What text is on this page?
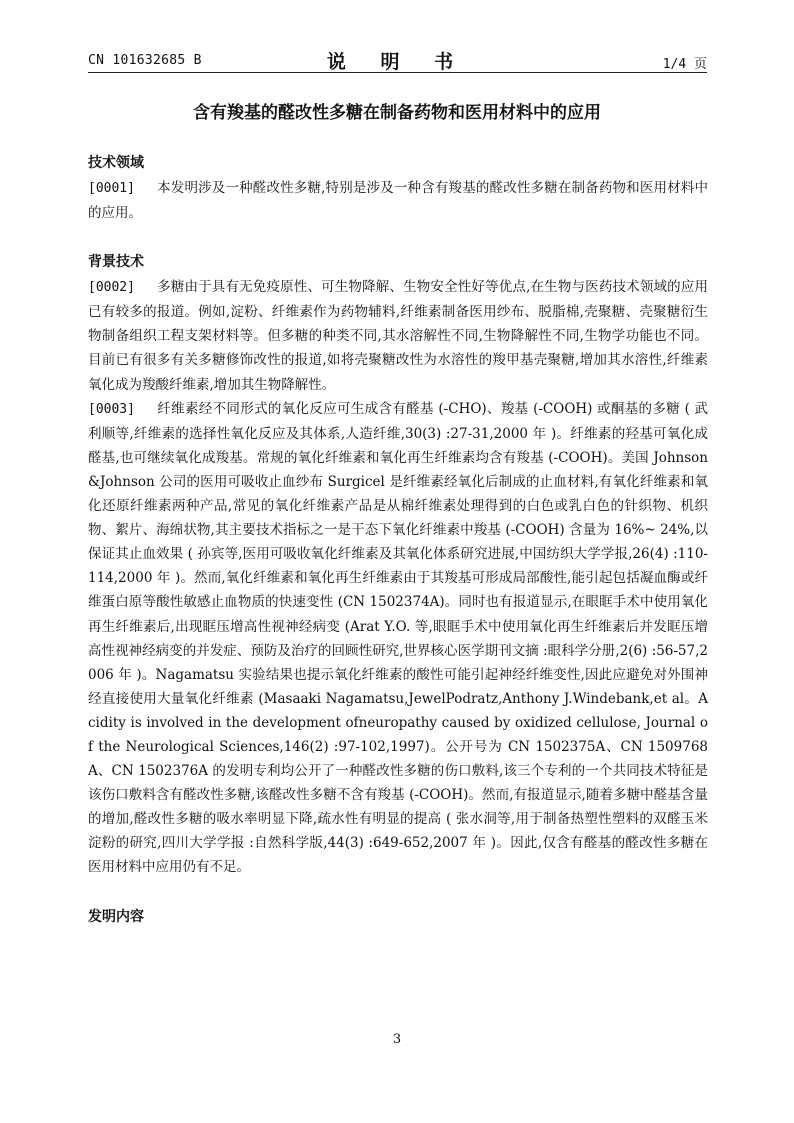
CN 101632685 B	说 明 书	1/4 页
含有羧基的醛改性多糖在制备药物和医用材料中的应用
技术领域

[0001] 本发明涉及一种醛改性多糖,特别是涉及一种含有羧基的醛改性多糖在制备药物和医用材料中的应用。

背景技术

[0002] 多糖由于具有无免疫原性、可生物降解、生物安全性好等优点,在生物与医药技术领域的应用已有较多的报道。例如,淀粉、纤维素作为药物辅料,纤维素制备医用纱布、脱脂棉,壳聚糖、壳聚糖衍生物制备组织工程支架材料等。但多糖的种类不同,其水溶解性不同,生物降解性不同,生物学功能也不同。目前已有很多有关多糖修饰改性的报道,如将壳聚糖改性为水溶性的羧甲基壳聚糖,增加其水溶性,纤维素氧化成为羧酸纤维素,增加其生物降解性。

[0003] 纤维素经不同形式的氧化反应可生成含有醛基 (-CHO)、羧基 (-COOH) 或酮基的多糖 ( 武利顺等,纤维素的选择性氧化反应及其体系,人造纤维,30(3) :27-31,2000 年 )。纤维素的羟基可氧化成醛基,也可继续氧化成羧基。常规的氧化纤维素和氧化再生纤维素均含有羧基 (-COOH)。美国 Johnson&Johnson 公司的医用可吸收止血纱布 Surgicel 是纤维素经氧化后制成的止血材料,有氧化纤维素和氧化还原纤维素两种产品,常见的氧化纤维素产品是从棉纤维素处理得到的白色或乳白色的针织物、机织物、絮片、海绵状物,其主要技术指标之一是干态下氧化纤维素中羧基 (-COOH) 含量为 16%~ 24%,以保证其止血效果 ( 孙宾等,医用可吸收氧化纤维素及其氧化体系研究进展,中国纺织大学学报,26(4) :110-114,2000 年 )。然而,氧化纤维素和氧化再生纤维素由于其羧基可形成局部酸性,能引起包括凝血酶或纤维蛋白原等酸性敏感止血物质的快速变性 (CN 1502374A)。同时也有报道显示,在眼眶手术中使用氧化再生纤维素后,出现眶压增高性视神经病变 (Arat Y.O. 等,眼眶手术中使用氧化再生纤维素后并发眶压增高性视神经病变的并发症、预防及治疗的回顾性研究,世界核心医学期刊文摘 :眼科学分册,2(6) :56-57,2006 年 )。Nagamatsu 实验结果也提示氧化纤维素的酸性可能引起神经纤维变性,因此应避免对外围神经直接使用大量氧化纤维素 (Masaaki Nagamatsu,JewelPodratz,Anthony J.Windebank,et al。Acidity is involved in the development ofneuropathy caused by oxidized cellulose, Journal of the Neurological Sciences,146(2) :97-102,1997)。公开号为 CN 1502375A、CN 1509768A、CN 1502376A 的发明专利均公开了一种醛改性多糖的伤口敷料,该三个专利的一个共同技术特征是该伤口敷料含有醛改性多糖,该醛改性多糖不含有羧基 (-COOH)。然而,有报道显示,随着多糖中醛基含量的增加,醛改性多糖的吸水率明显下降,疏水性有明显的提高 ( 张水洞等,用于制备热塑性塑料的双醛玉米淀粉的研究,四川大学学报 :自然科学版,44(3) :649-652,2007 年 )。因此,仅含有醛基的醛改性多糖在医用材料中应用仍有不足。

发明内容
3
